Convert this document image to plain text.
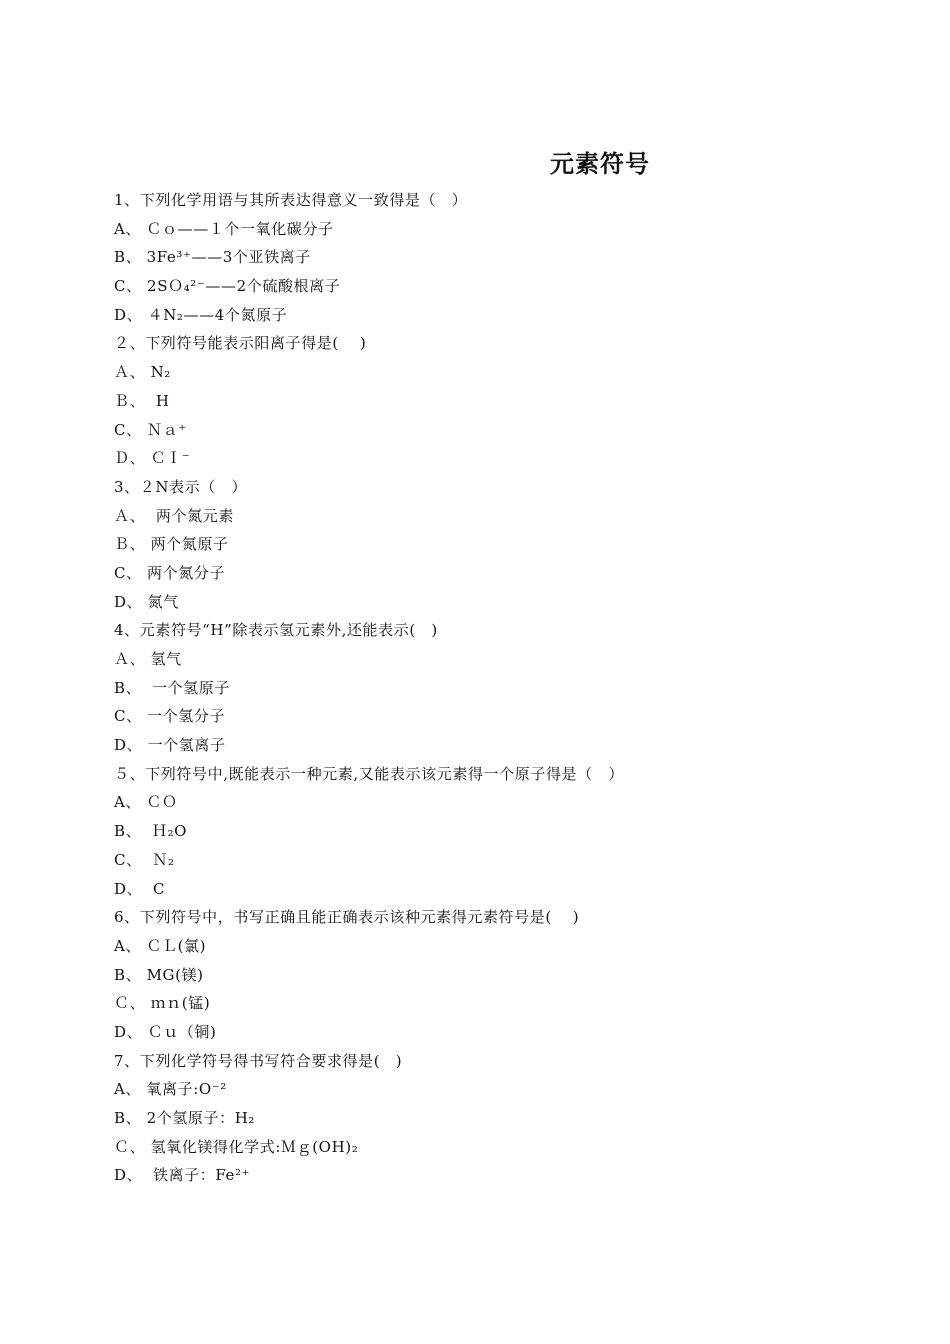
元素符号
1、下列化学用语与其所表达得意义一致得是（　）
A、 Ｃｏ——１个一氧化碳分子
B、 3Fe³⁺——3个亚铁离子
C、 2SＯ₄²⁻——2个硫酸根离子
D、 ４N₂——4个氮原子
２、下列符号能表示阳离子得是(　 )
Ａ、 N₂
Ｂ、  H
C、 Ｎａ⁺
Ｄ、 ＣＩ⁻
3、２N表示（　）
Ａ、  两个氮元素
Ｂ、 两个氮原子
C、 两个氮分子
D、 氮气
4、元素符号“H”除表示氢元素外,还能表示(　)
Ａ、 氢气
B、  一个氢原子
C、 一个氢分子
D、 一个氢离子
５、下列符号中,既能表示一种元素,又能表示该元素得一个原子得是（　）
A、 ＣＯ
B、  Ｈ₂O
C、  Ｎ₂
D、  C
6、下列符号中，书写正确且能正确表示该种元素得元素符号是(　 )
A、 ＣＬ(氯)
B、 MG(镁)
Ｃ、 ｍｎ(锰)
D、 Ｃｕ（铜)
7、下列化学符号得书写符合要求得是(　)
A、 氧离子:O⁻²
B、 2个氢原子：H₂
Ｃ、 氢氧化镁得化学式:Ｍｇ(OH)₂
D、  铁离子：Fe²⁺
